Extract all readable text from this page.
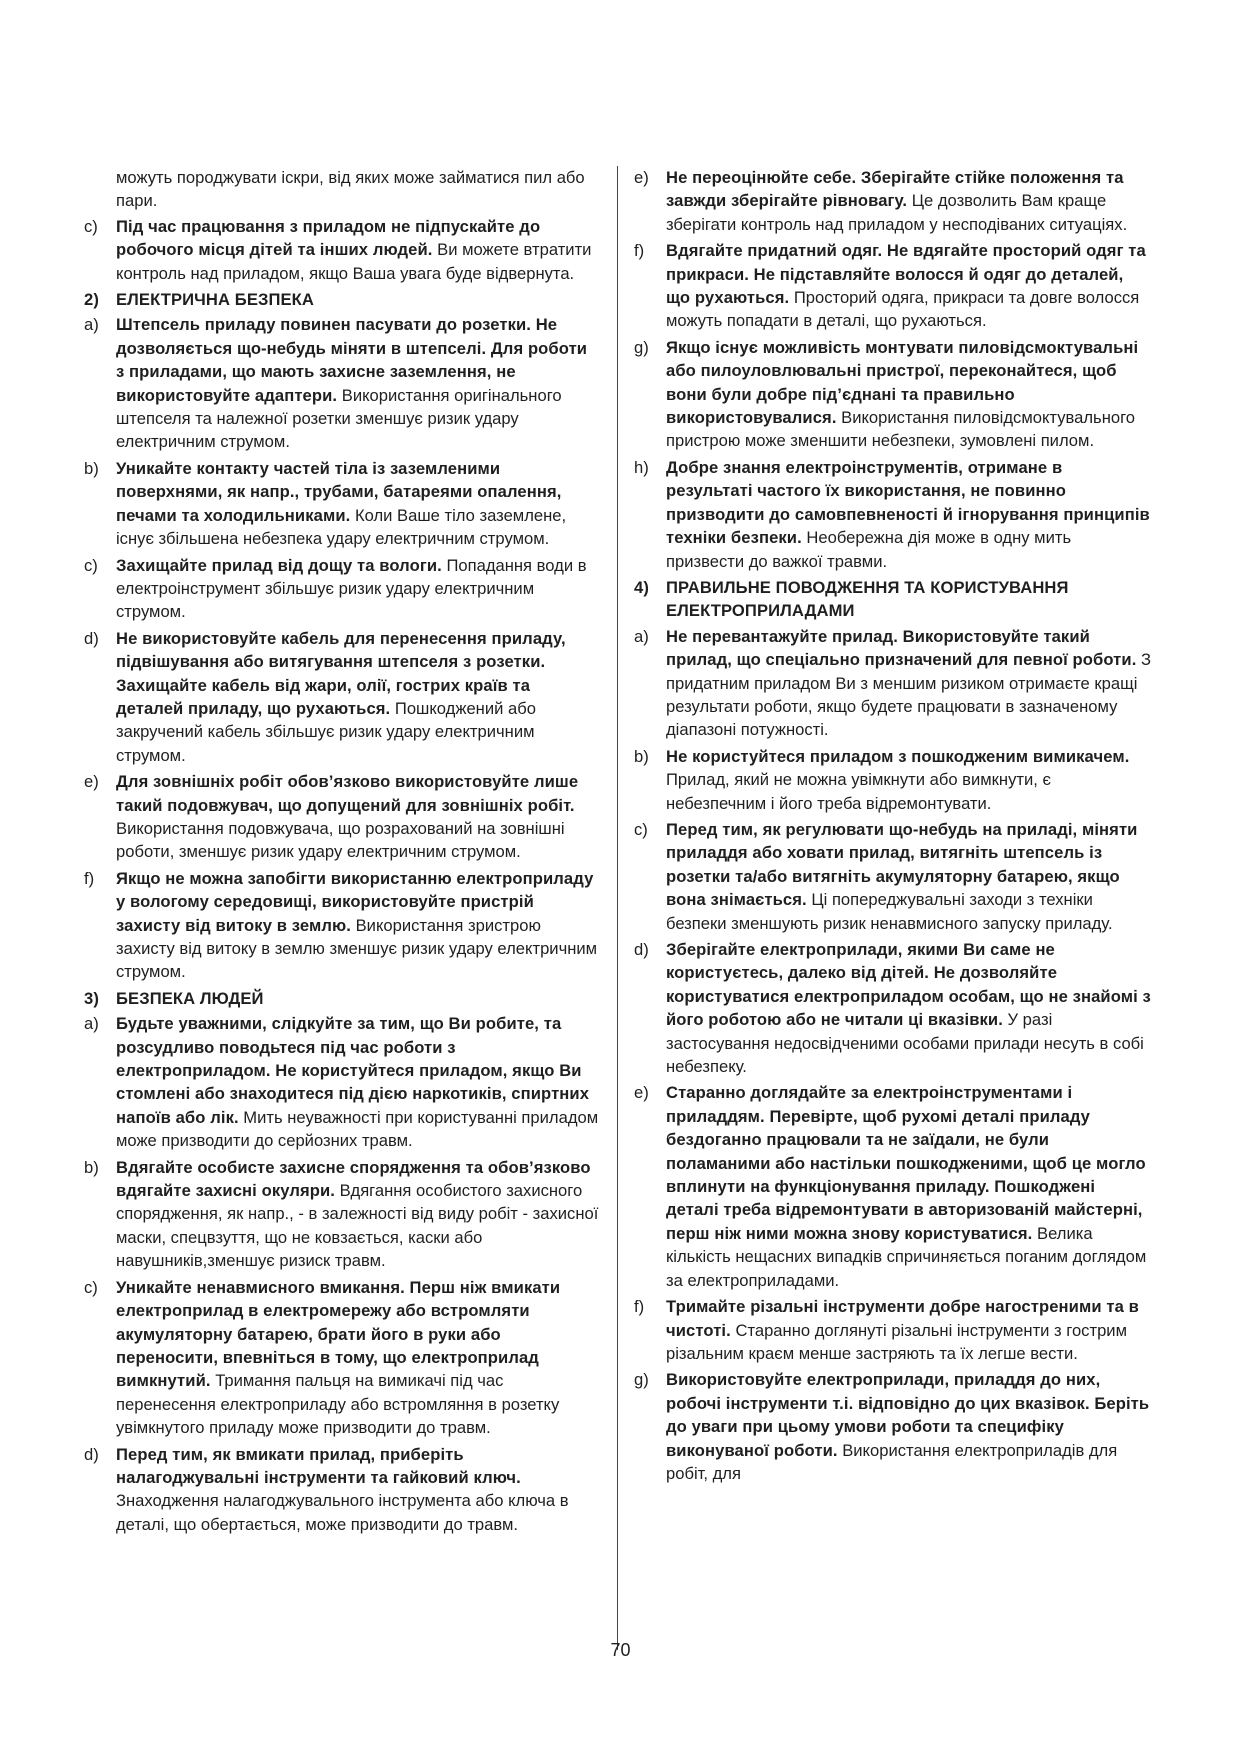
можуть породжувати іскри, від яких може займатися пил або пари.
c) Під час працювання з приладом не підпускайте до робочого місця дітей та інших людей. Ви можете втратити контроль над приладом, якщо Ваша увага буде відвернута.
2) ЕЛЕКТРИЧНА БЕЗПЕКА
a) Штепсель приладу повинен пасувати до розетки. Не дозволяється що-небудь міняти в штепселі. Для роботи з приладами, що мають захисне заземлення, не використовуйте адаптери. Використання оригінального штепселя та належної розетки зменшує ризик удару електричним струмом.
b) Уникайте контакту частей тіла із заземленими поверхнями, як напр., трубами, батареями опалення, печами та холодильниками. Коли Ваше тіло заземлене, існує збільшена небезпека удару електричним струмом.
c) Захищайте прилад від дощу та вологи. Попадання води в електроінструмент збільшує ризик удару електричним струмом.
d) Не використовуйте кабель для перенесення приладу, підвішування або витягування штепселя з розетки. Захищайте кабель від жари, олії, гострих країв та деталей приладу, що рухаються. Пошкоджений або закручений кабель збільшує ризик удару електричним струмом.
e) Для зовнішніх робіт обов’язково використовуйте лише такий подовжувач, що допущений для зовнішніх робіт. Використання подовжувача, що розрахований на зовнішні роботи, зменшує ризик удару електричним струмом.
f) Якщо не можна запобігти використанню електроприладу у вологому середовищі, використовуйте пристрій захисту від витоку в землю. Використання зристрою захисту від витоку в землю зменшує ризик удару електричним струмом.
3) БЕЗПЕКА ЛЮДЕЙ
a) Будьте уважними, слідкуйте за тим, що Ви робите, та розсудливо поводьтеся під час роботи з електроприладом. Не користуйтеся приладом, якщо Ви стомлені або знаходитеся під дією наркотиків, спиртних напоїв або лік. Мить неуважності при користуванні приладом може призводити до серйозних травм.
b) Вдягайте особисте захисне спорядження та обов’язково вдягайте захисні окуляри. Вдягання особистого захисного спорядження, як напр., - в залежності від виду робіт - захисної маски, спецвзуття, що не ковзається, каски або навушників,зменшує ризиск травм.
c) Уникайте ненавмисного вмикання. Перш ніж вмикати електроприлад в електромережу або встромляти акумуляторну батарею, брати його в руки або переносити, впевніться в тому, що електроприлад вимкнутий. Тримання пальця на вимикачі під час перенесення електроприладу або встромляння в розетку увімкнутого приладу може призводити до травм.
d) Перед тим, як вмикати прилад, приберіть налагоджувальні інструменти та гайковий ключ. Знаходження налагоджувального інструмента або ключа в деталі, що обертається, може призводити до травм.
e) Не переоцінюйте себе. Зберігайте стійке положення та завжди зберігайте рівновагу. Це дозволить Вам краще зберігати контроль над приладом у несподіваних ситуаціях.
f) Вдягайте придатний одяг. Не вдягайте просторий одяг та прикраси. Не підставляйте волосся й одяг до деталей, що рухаються. Просторий одяга, прикраси та довге волосся можуть попадати в деталі, що рухаються.
g) Якщо існує можливість монтувати пиловідсмоктувальні або пилоуловлювальні пристрої, переконайтеся, щоб вони були добре під’єднані та правильно використовувалися. Використання пиловідсмоктувального пристрою може зменшити небезпеки, зумовлені пилом.
h) Добре знання електроінструментів, отримане в результаті частого їх використання, не повинно призводити до самовпевненості й ігнорування принципів техніки безпеки. Необережна дія може в одну мить призвести до важкої травми.
4)	ПРАВИЛЬНЕ ПОВОДЖЕННЯ ТА КОРИСТУВАННЯ ЕЛЕКТРОПРИЛАДАМИ
a) Не перевантажуйте прилад. Використовуйте такий прилад, що спеціально призначений для певної роботи. З придатним приладом Ви з меншим ризиком отримаєте кращі результати роботи, якщо будете працювати в зазначеному діапазоні потужності.
b) Не користуйтеся приладом з пошкодженим вимикачем. Прилад, який не можна увімкнути або вимкнути, є небезпечним і його треба відремонтувати.
c) Перед тим, як регулювати що-небудь на приладі, міняти приладдя або ховати прилад, витягніть штепсель із розетки та/або витягніть акумуляторну батарею, якщо вона знімається. Ці попереджувальні заходи з техніки безпеки зменшують ризик ненавмисного запуску приладу.
d) Зберігайте електроприлади, якими Ви саме не користуєтесь, далеко від дітей. Не дозволяйте користуватися електроприладом особам, що не знайомі з його роботою або не читали ці вказівки. У разі застосування недосвідченими особами прилади несуть в собі небезпеку.
e) Старанно доглядайте за електроінструментами і приладдям. Перевірте, щоб рухомі деталі приладу бездоганно працювали та не заїдали, не були поламаними або настільки пошкодженими, щоб це могло вплинути на функціонування приладу. Пошкоджені деталі треба відремонтувати в авторизованій майстерні, перш ніж ними можна знову користуватися. Велика кількість нещасних випадків спричиняється поганим доглядом за електроприладами.
f) Тримайте різальні інструменти добре нагостреними та в чистоті. Старанно доглянуті різальні інструменти з гострим різальним краєм менше застряють та їх легше вести.
g) Використовуйте електроприлади, приладдя до них, робочі інструменти т.і. відповідно до цих вказівок. Беріть до уваги при цьому умови роботи та специфіку виконуваної роботи. Використання електроприладів для робіт, для
70
